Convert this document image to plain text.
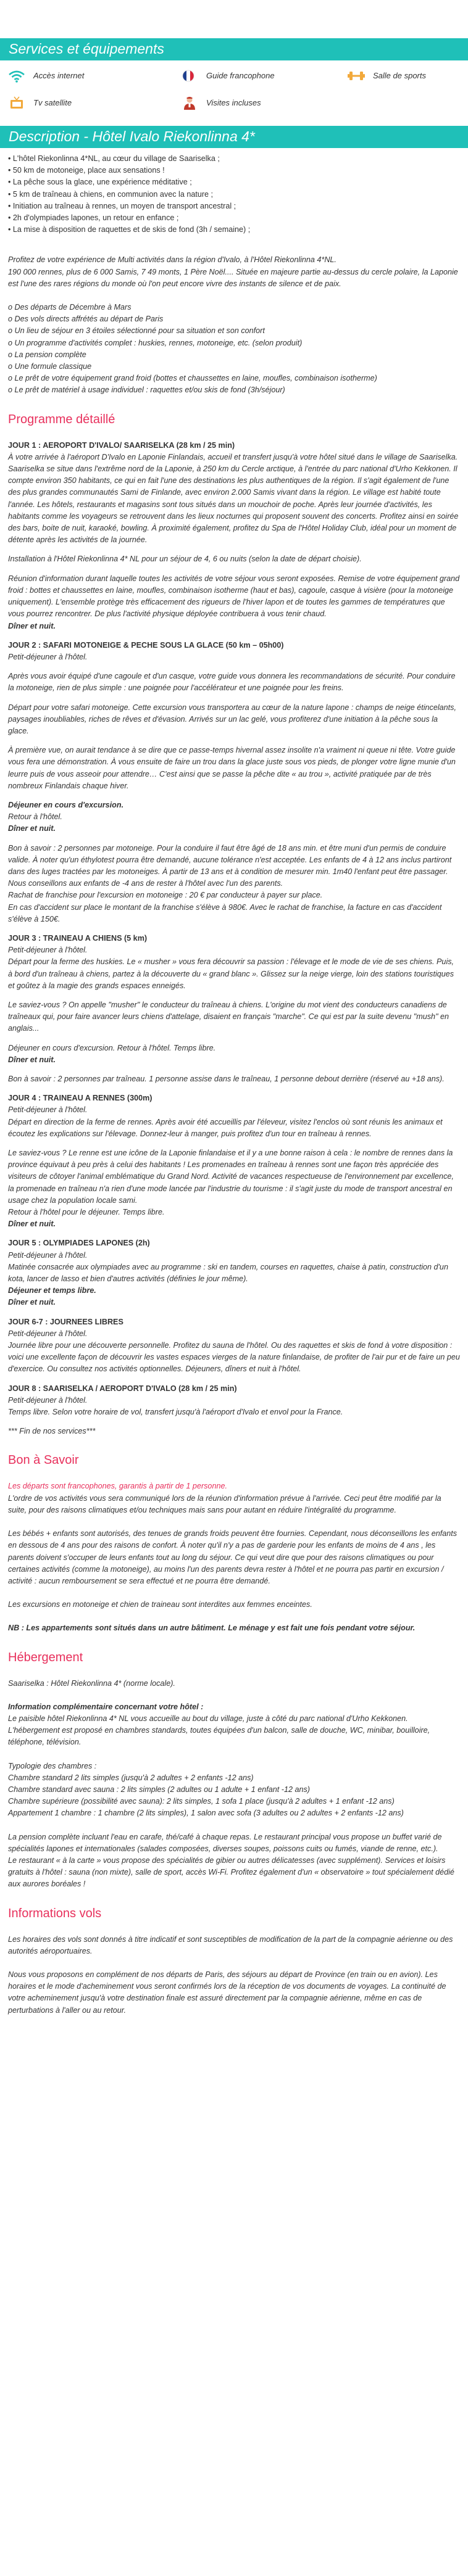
Services et équipements
Accès internet	Guide francophone	Salle de sports
Tv satellite	Visites incluses
Description - Hôtel Ivalo Riekonlinna 4*

• L'hôtel Riekonlinna 4*NL, au cœur du village de Saariselka ;

• 50 km de motoneige, place aux sensations !

• La pêche sous la glace, une expérience méditative ;

• 5 km de traîneau à chiens, en communion avec la nature ;

• Initiation au traîneau à rennes, un moyen de transport ancestral ;

• 2h d'olympiades lapones, un retour en enfance ;

• La mise à disposition de raquettes et de skis de fond (3h / semaine) ;

Profitez de votre expérience de Multi activités dans la région d'Ivalo, à l'Hôtel Riekonlinna 4*NL.

190 000 rennes, plus de 6 000 Samis, 7 49 monts, 1 Père Noël.... Située en majeure partie au-dessus du cercle polaire, la Laponie est l'une des rares régions du monde où l'on peut encore vivre des instants de silence et de paix.

o Des départs de Décembre à Mars

o Des vols directs affrétés au départ de Paris

o Un lieu de séjour en 3 étoiles sélectionné pour sa situation et son confort

o Un programme d'activités complet : huskies, rennes, motoneige, etc. (selon produit)

o La pension complète

o Une formule classique

o Le prêt de votre équipement grand froid (bottes et chaussettes en laine, moufles, combinaison isotherme)

o Le prêt de matériel à usage individuel : raquettes et/ou skis de fond (3h/séjour)

Programme détaillé

JOUR 1 : AEROPORT D'IVALO/ SAARISELKA (28 km / 25 min)

À votre arrivée à l'aéroport D'Ivalo en Laponie Finlandais, accueil et transfert jusqu'à votre hôtel situé dans le village de Saariselka.

Saariselka se situe dans l'extrême nord de la Laponie, à 250 km du Cercle arctique, à l'entrée du parc national d'Urho Kekkonen. Il compte environ 350 habitants, ce qui en fait l'une des destinations les plus authentiques de la région. Il s'agit également de l'une des plus grandes communautés Sami de Finlande, avec environ 2.000 Samis vivant dans la région. Le village est habité toute l'année. Les hôtels, restaurants et magasins sont tous situés dans un mouchoir de poche. Après leur journée d'activités, les habitants comme les voyageurs se retrouvent dans les lieux nocturnes qui proposent souvent des concerts. Profitez ainsi en soirée des bars, boite de nuit, karaoké, bowling. À proximité également, profitez du Spa de l'Hôtel Holiday Club, idéal pour un moment de détente après les activités de la journée.

Installation à l'Hôtel Riekonlinna 4* NL pour un séjour de 4, 6 ou nuits (selon la date de départ choisie).

Réunion d'information durant laquelle toutes les activités de votre séjour vous seront exposées. Remise de votre équipement grand froid : bottes et chaussettes en laine, moufles, combinaison isotherme (haut et bas), cagoule, casque à visière (pour la motoneige uniquement). L'ensemble protège très efficacement des rigueurs de l'hiver lapon et de toutes les gammes de températures que vous pourrez rencontrer. De plus l'activité physique déployée contribuera à vous tenir chaud.

Dîner et nuit.

JOUR 2 : SAFARI MOTONEIGE & PECHE SOUS LA GLACE (50 km – 05h00)

Petit-déjeuner à l'hôtel.

Après vous avoir équipé d'une cagoule et d'un casque, votre guide vous donnera les recommandations de sécurité. Pour conduire la motoneige, rien de plus simple : une poignée pour l'accélérateur et une poignée pour les freins.

Départ pour votre safari motoneige. Cette excursion vous transportera au cœur de la nature lapone : champs de neige étincelants, paysages inoubliables, riches de rêves et d'évasion. Arrivés sur un lac gelé, vous profiterez d'une initiation à la pêche sous la glace.

À première vue, on aurait tendance à se dire que ce passe-temps hivernal assez insolite n'a vraiment ni queue ni tête. Votre guide vous fera une démonstration. À vous ensuite de faire un trou dans la glace juste sous vos pieds, de plonger votre ligne munie d'un leurre puis de vous asseoir pour attendre… C'est ainsi que se passe la pêche dite « au trou », activité pratiquée par de très nombreux Finlandais chaque hiver.

Déjeuner en cours d'excursion.

Retour à l'hôtel.

Dîner et nuit.

Bon à savoir : 2 personnes par motoneige. Pour la conduire il faut être âgé de 18 ans min. et être muni d'un permis de conduire valide. À noter qu'un éthylotest pourra être demandé, aucune tolérance n'est acceptée. Les enfants de 4 à 12 ans inclus partiront dans des luges tractées par les motoneiges. À partir de 13 ans et à condition de mesurer min. 1m40 l'enfant peut être passager. Nous conseillons aux enfants de -4 ans de rester à l'hôtel avec l'un des parents.

Rachat de franchise pour l'excursion en motoneige : 20 € par conducteur à payer sur place.

En cas d'accident sur place le montant de la franchise s'élève à 980€. Avec le rachat de franchise, la facture en cas d'accident s'élève à 150€.

JOUR 3 : TRAINEAU A CHIENS (5 km)

Petit-déjeuner à l'hôtel.

Départ pour la ferme des huskies. Le « musher » vous fera découvrir sa passion : l'élevage et le mode de vie de ses chiens. Puis, à bord d'un traîneau à chiens, partez à la découverte du « grand blanc ». Glissez sur la neige vierge, loin des stations touristiques et goûtez à la magie des grands espaces enneigés.

Le saviez-vous ? On appelle "musher" le conducteur du traîneau à chiens. L'origine du mot vient des conducteurs canadiens de traîneaux qui, pour faire avancer leurs chiens d'attelage, disaient en français "marche". Ce qui est par la suite devenu "mush" en anglais...

Déjeuner en cours d'excursion. Retour à l'hôtel. Temps libre.

Dîner et nuit.

Bon à savoir : 2 personnes par traîneau. 1 personne assise dans le traîneau, 1 personne debout derrière (réservé au +18 ans).

JOUR 4 : TRAINEAU A RENNES (300m)

Petit-déjeuner à l'hôtel.

Départ en direction de la ferme de rennes. Après avoir été accueillis par l'éleveur, visitez l'enclos où sont réunis les animaux et écoutez les explications sur l'élevage. Donnez-leur à manger, puis profitez d'un tour en traîneau à rennes.

Le saviez-vous ? Le renne est une icône de la Laponie finlandaise et il y a une bonne raison à cela : le nombre de rennes dans la province équivaut à peu près à celui des habitants ! Les promenades en traîneau à rennes sont une façon très appréciée des visiteurs de côtoyer l'animal emblématique du Grand Nord. Activité de vacances respectueuse de l'environnement par excellence, la promenade en traîneau n'a rien d'une mode lancée par l'industrie du tourisme : il s'agit juste du mode de transport ancestral en usage chez la population locale sami.

Retour à l'hôtel pour le déjeuner. Temps libre.

Dîner et nuit.

JOUR 5 : OLYMPIADES LAPONES (2h)

Petit-déjeuner à l'hôtel.

Matinée consacrée aux olympiades avec au programme : ski en tandem, courses en raquettes, chaise à patin, construction d'un kota, lancer de lasso et bien d'autres activités (définies le jour même).

Déjeuner et temps libre.

Dîner et nuit.

JOUR 6-7 : JOURNEES LIBRES

Petit-déjeuner à l'hôtel.

Journée libre pour une découverte personnelle. Profitez du sauna de l'hôtel. Ou des raquettes et skis de fond à votre disposition : voici une excellente façon de découvrir les vastes espaces vierges de la nature finlandaise, de profiter de l'air pur et de faire un peu d'exercice. Ou consultez nos activités optionnelles. Déjeuners, dîners et nuit à l'hôtel.

JOUR 8 : SAARISELKA / AEROPORT D'IVALO (28 km / 25 min)

Petit-déjeuner à l'hôtel.

Temps libre. Selon votre horaire de vol, transfert jusqu'à l'aéroport d'Ivalo et envol pour la France.

*** Fin de nos services***

Bon à Savoir

Les départs sont francophones, garantis à partir de 1 personne.

L'ordre de vos activités vous sera communiqué lors de la réunion d'information prévue à l'arrivée. Ceci peut être modifié par la suite, pour des raisons climatiques et/ou techniques mais sans pour autant en réduire l'intégralité du programme.

Les bébés + enfants sont autorisés, des tenues de grands froids peuvent être fournies. Cependant, nous déconseillons les enfants en dessous de 4 ans pour des raisons de confort. À noter qu'il n'y a pas de garderie pour les enfants de moins de 4 ans , les parents doivent s'occuper de leurs enfants tout au long du séjour. Ce qui veut dire que pour des raisons climatiques ou pour certaines activités (comme la motoneige), au moins l'un des parents devra rester à l'hôtel et ne pourra pas partir en excursion / activité : aucun remboursement se sera effectué et ne pourra être demandé.

Les excursions en motoneige et chien de traineau sont interdites aux femmes enceintes.

NB : Les appartements sont situés dans un autre bâtiment. Le ménage y est fait une fois pendant votre séjour.

Hébergement

Saariselka : Hôtel Riekonlinna 4* (norme locale).

Information complémentaire concernant votre hôtel :

Le paisible hôtel Riekonlinna 4* NL vous accueille au bout du village, juste à côté du parc national d'Urho Kekkonen. L'hébergement est proposé en chambres standards, toutes équipées d'un balcon, salle de douche, WC, minibar, bouilloire, téléphone, télévision.

Typologie des chambres :

Chambre standard 2 lits simples (jusqu'à 2 adultes + 2 enfants -12 ans)

Chambre standard avec sauna : 2 lits simples (2 adultes ou 1 adulte + 1 enfant -12 ans)

Chambre supérieure (possibilité avec sauna): 2 lits simples, 1 sofa 1 place (jusqu'à 2 adultes + 1 enfant -12 ans)

Appartement 1 chambre : 1 chambre (2 lits simples), 1 salon avec sofa (3 adultes ou 2 adultes + 2 enfants -12 ans)

La pension complète incluant l'eau en carafe, thé/café à chaque repas. Le restaurant principal vous propose un buffet varié de spécialités lapones et internationales (salades composées, diverses soupes, poissons cuits ou fumés, viande de renne, etc.).

Le restaurant « à la carte » vous propose des spécialités de gibier ou autres délicatesses (avec supplément). Services et loisirs gratuits à l'hôtel : sauna (non mixte), salle de sport, accès Wi-Fi. Profitez également d'un « observatoire » tout spécialement dédié aux aurores boréales !

Informations vols

Les horaires des vols sont donnés à titre indicatif et sont susceptibles de modification de la part de la compagnie aérienne ou des autorités aéroportuaires.

Nous vous proposons en complément de nos départs de Paris, des séjours au départ de Province (en train ou en avion). Les horaires et le mode d'acheminement vous seront confirmés lors de la réception de vos documents de voyages. La continuité de votre acheminement jusqu'à votre destination finale est assuré directement par la compagnie aérienne, même en cas de perturbations à l'aller ou au retour.
